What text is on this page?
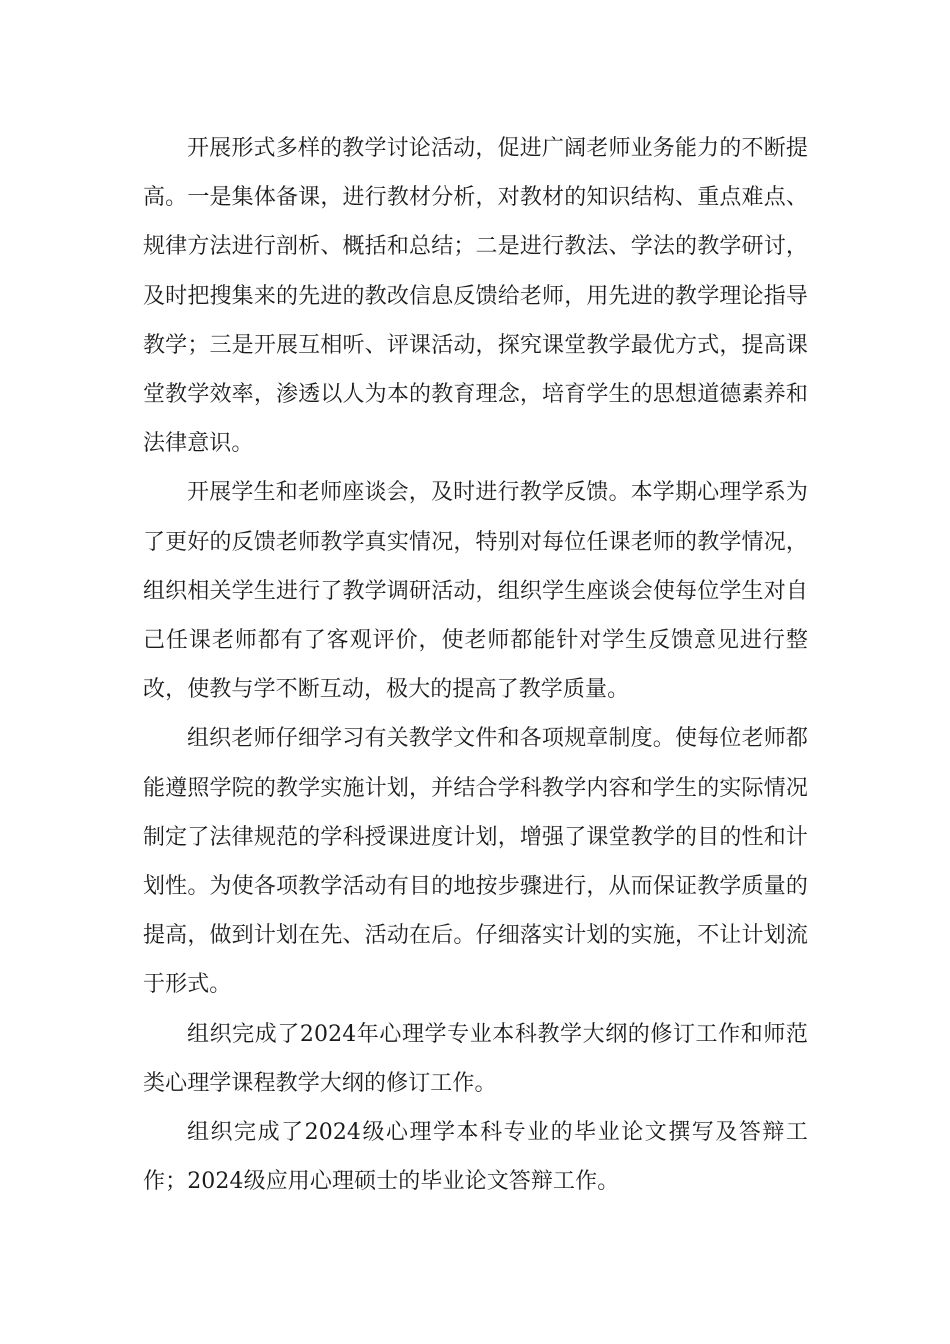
开展形式多样的教学讨论活动，促进广阔老师业务能力的不断提高。一是集体备课，进行教材分析，对教材的知识结构、重点难点、规律方法进行剖析、概括和总结；二是进行教法、学法的教学研讨，及时把搜集来的先进的教改信息反馈给老师，用先进的教学理论指导教学；三是开展互相听、评课活动，探究课堂教学最优方式，提高课堂教学效率，渗透以人为本的教育理念，培育学生的思想道德素养和法律意识。

开展学生和老师座谈会，及时进行教学反馈。本学期心理学系为了更好的反馈老师教学真实情况，特别对每位任课老师的教学情况，组织相关学生进行了教学调研活动，组织学生座谈会使每位学生对自己任课老师都有了客观评价，使老师都能针对学生反馈意见进行整改，使教与学不断互动，极大的提高了教学质量。

组织老师仔细学习有关教学文件和各项规章制度。使每位老师都能遵照学院的教学实施计划，并结合学科教学内容和学生的实际情况制定了法律规范的学科授课进度计划，增强了课堂教学的目的性和计划性。为使各项教学活动有目的地按步骤进行，从而保证教学质量的提高，做到计划在先、活动在后。仔细落实计划的实施，不让计划流于形式。

组织完成了2024年心理学专业本科教学大纲的修订工作和师范类心理学课程教学大纲的修订工作。

组织完成了2024级心理学本科专业的毕业论文撰写及答辩工作；2024级应用心理硕士的毕业论文答辩工作。
